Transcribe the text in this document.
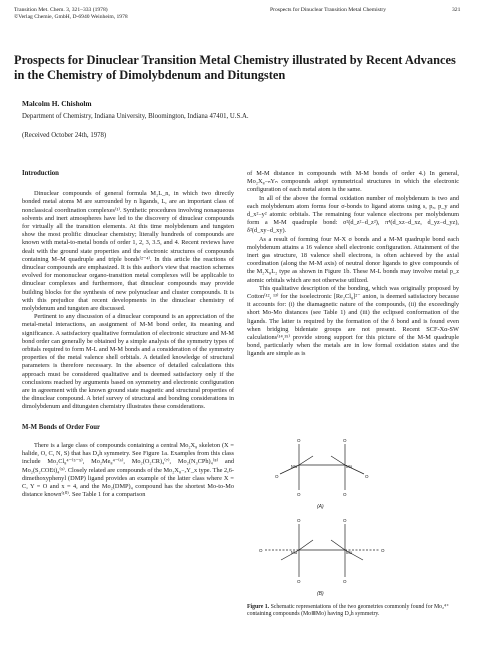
Transition Met. Chem. 3, 321–333 (1978)
©Verlag Chemie, GmbH, D-6940 Weinheim, 1978
Prospects for Dinuclear Transition Metal Chemistry	321
Prospects for Dinuclear Transition Metal Chemistry illustrated by Recent Advances in the Chemistry of Dimolybdenum and Ditungsten
Malcolm H. Chisholm
Department of Chemistry, Indiana University, Bloomington, Indiana 47401, U.S.A.
(Received October 24th, 1978)
Introduction

Dinuclear compounds of general formula M₂L_n, in which two directly bonded metal atoms M are surrounded by n ligands, L, are an important class of nonclassical coordination complexes⁽¹⁾. Synthetic procedures involving nonaqueous solvents and inert atmospheres have led to the discovery of dinuclear compounds for virtually all the transition elements. At this time molybdenum and tungsten show the most prolific dinuclear chemistry; literally hundreds of compounds are known with metal-to-metal bonds of order 1, 2, 3, 3.5, and 4. Recent reviews have dealt with the ground state properties and the electronic structures of compounds containing M–M quadruple and triple bonds⁽²⁻⁴⁾. In this article the reactions of dinuclear compounds are emphasized. It is this author's view that reaction schemes evolved for mononuclear organo-transition metal complexes will be applicable to dinuclear complexes and furthermore, that dinuclear compounds may provide building blocks for the synthesis of new polynuclear and cluster compounds. It is with this prejudice that recent developments in the dinuclear chemistry of molybdenum and tungsten are discussed.

Pertinent to any discussion of a dinuclear compound is an appreciation of the metal-metal interactions, an assignment of M-M bond order, its meaning and significance. A satisfactory qualitative formulation of electronic structure and M-M bond order can generally be obtained by a simple analysis of the symmetry types of orbitals required to form M-L and M-M bonds and a consideration of the symmetry properties of the metal valence shell orbitals. A detailed knowledge of structural parameters is therefore necessary. In the absence of detailed calculations this approach must be considered qualitative and is deemed satisfactory only if the conclusions reached by arguments based on symmetry and electronic configuration are in agreement with the known ground state magnetic and structural properties of the dinuclear compound. A brief survey of structural and bonding considerations in dimolybdenum and ditungsten chemistry illustrates these considerations.

M-M Bonds of Order Four

There is a large class of compounds containing a central Mo₂X₈ skeleton (X = halide, O, C, N, S) that has D₄h symmetry. See Figure 1a. Examples from this class include Mo₂Cl₈⁴⁻⁽⁵⁻⁵⁾, Mo₂Me₈⁴⁻⁽⁶⁾, Mo₂(O₂CR)₄⁽⁷⁾, Mo₂(N₃CPh)₄⁽⁸⁾ and Mo₂(S₂COEt)₄⁽⁹⁾. Closely related are compounds of the Mo₂X₈₋ₓY_x type. The 2,6-dimethoxyphenyl (DMP) ligand provides an example of the latter class where X = C, Y = O and x = 4, and the Mo₂(DMP)₄ compound has the shortest Mo-to-Mo distance known⁽¹⁰⁾. See Table 1 for a comparison

of M-M distance in compounds with M-M bonds of order 4.) In general, Mo₂X₈₋ₙYₙ compounds adopt symmetrical structures in which the electronic configuration of each metal atom is the same.

In all of the above the formal oxidation number of molybdenum is two and each molybdenum atom forms four σ-bonds to ligand atoms using s, pₓ, p_y and d_x²₋y² atomic orbitals. The remaining four valence electrons per molybdenum form a M-M quadruple bond: σ²(d_z²₋d_z²), π⁴(d_xz₋d_xz, d_yz₋d_yz), δ²(d_xy₋d_xy).

As a result of forming four M-X σ bonds and a M-M quadruple bond each molybdenum attains a 16 valence shell electronic configuration. Attainment of the inert gas structure, 18 valence shell electrons, is often achieved by the axial coordination (along the M-M axis) of neutral donor ligands to give compounds of the M₂X₈L₂ type as shown in Figure 1b. These M-L bonds may involve metal p_z atomic orbitals which are not otherwise utilized.

This qualitative description of the bonding, which was originally proposed by Cotton⁽¹², ¹³⁾ for the isoelectronic [Re₂Cl₈]²⁻ anion, is deemed satisfactory because it accounts for: (i) the diamagnetic nature of the compounds, (ii) the exceedingly short Mo-Mo distances (see Table 1) and (iii) the eclipsed conformation of the ligands. The latter is required by the formation of the δ bond and is found even when bridging bidentate groups are not present. Recent SCF-Xα-SW calculations⁽¹⁴,¹⁵⁾ provide strong support for this picture of the M-M quadruple bond, particularly when the metals are in low formal oxidation states and the ligands are simple as is

O	O
Mo	Mo
O	O
O	O
O	O
Mo	Mo
O	O
O	O
(A)
(B)
Figure 1. Schematic representations of the two geometries commonly found for Mo₂⁴⁺ containing compounds (Mo≣Mo) having D₄h symmetry.
